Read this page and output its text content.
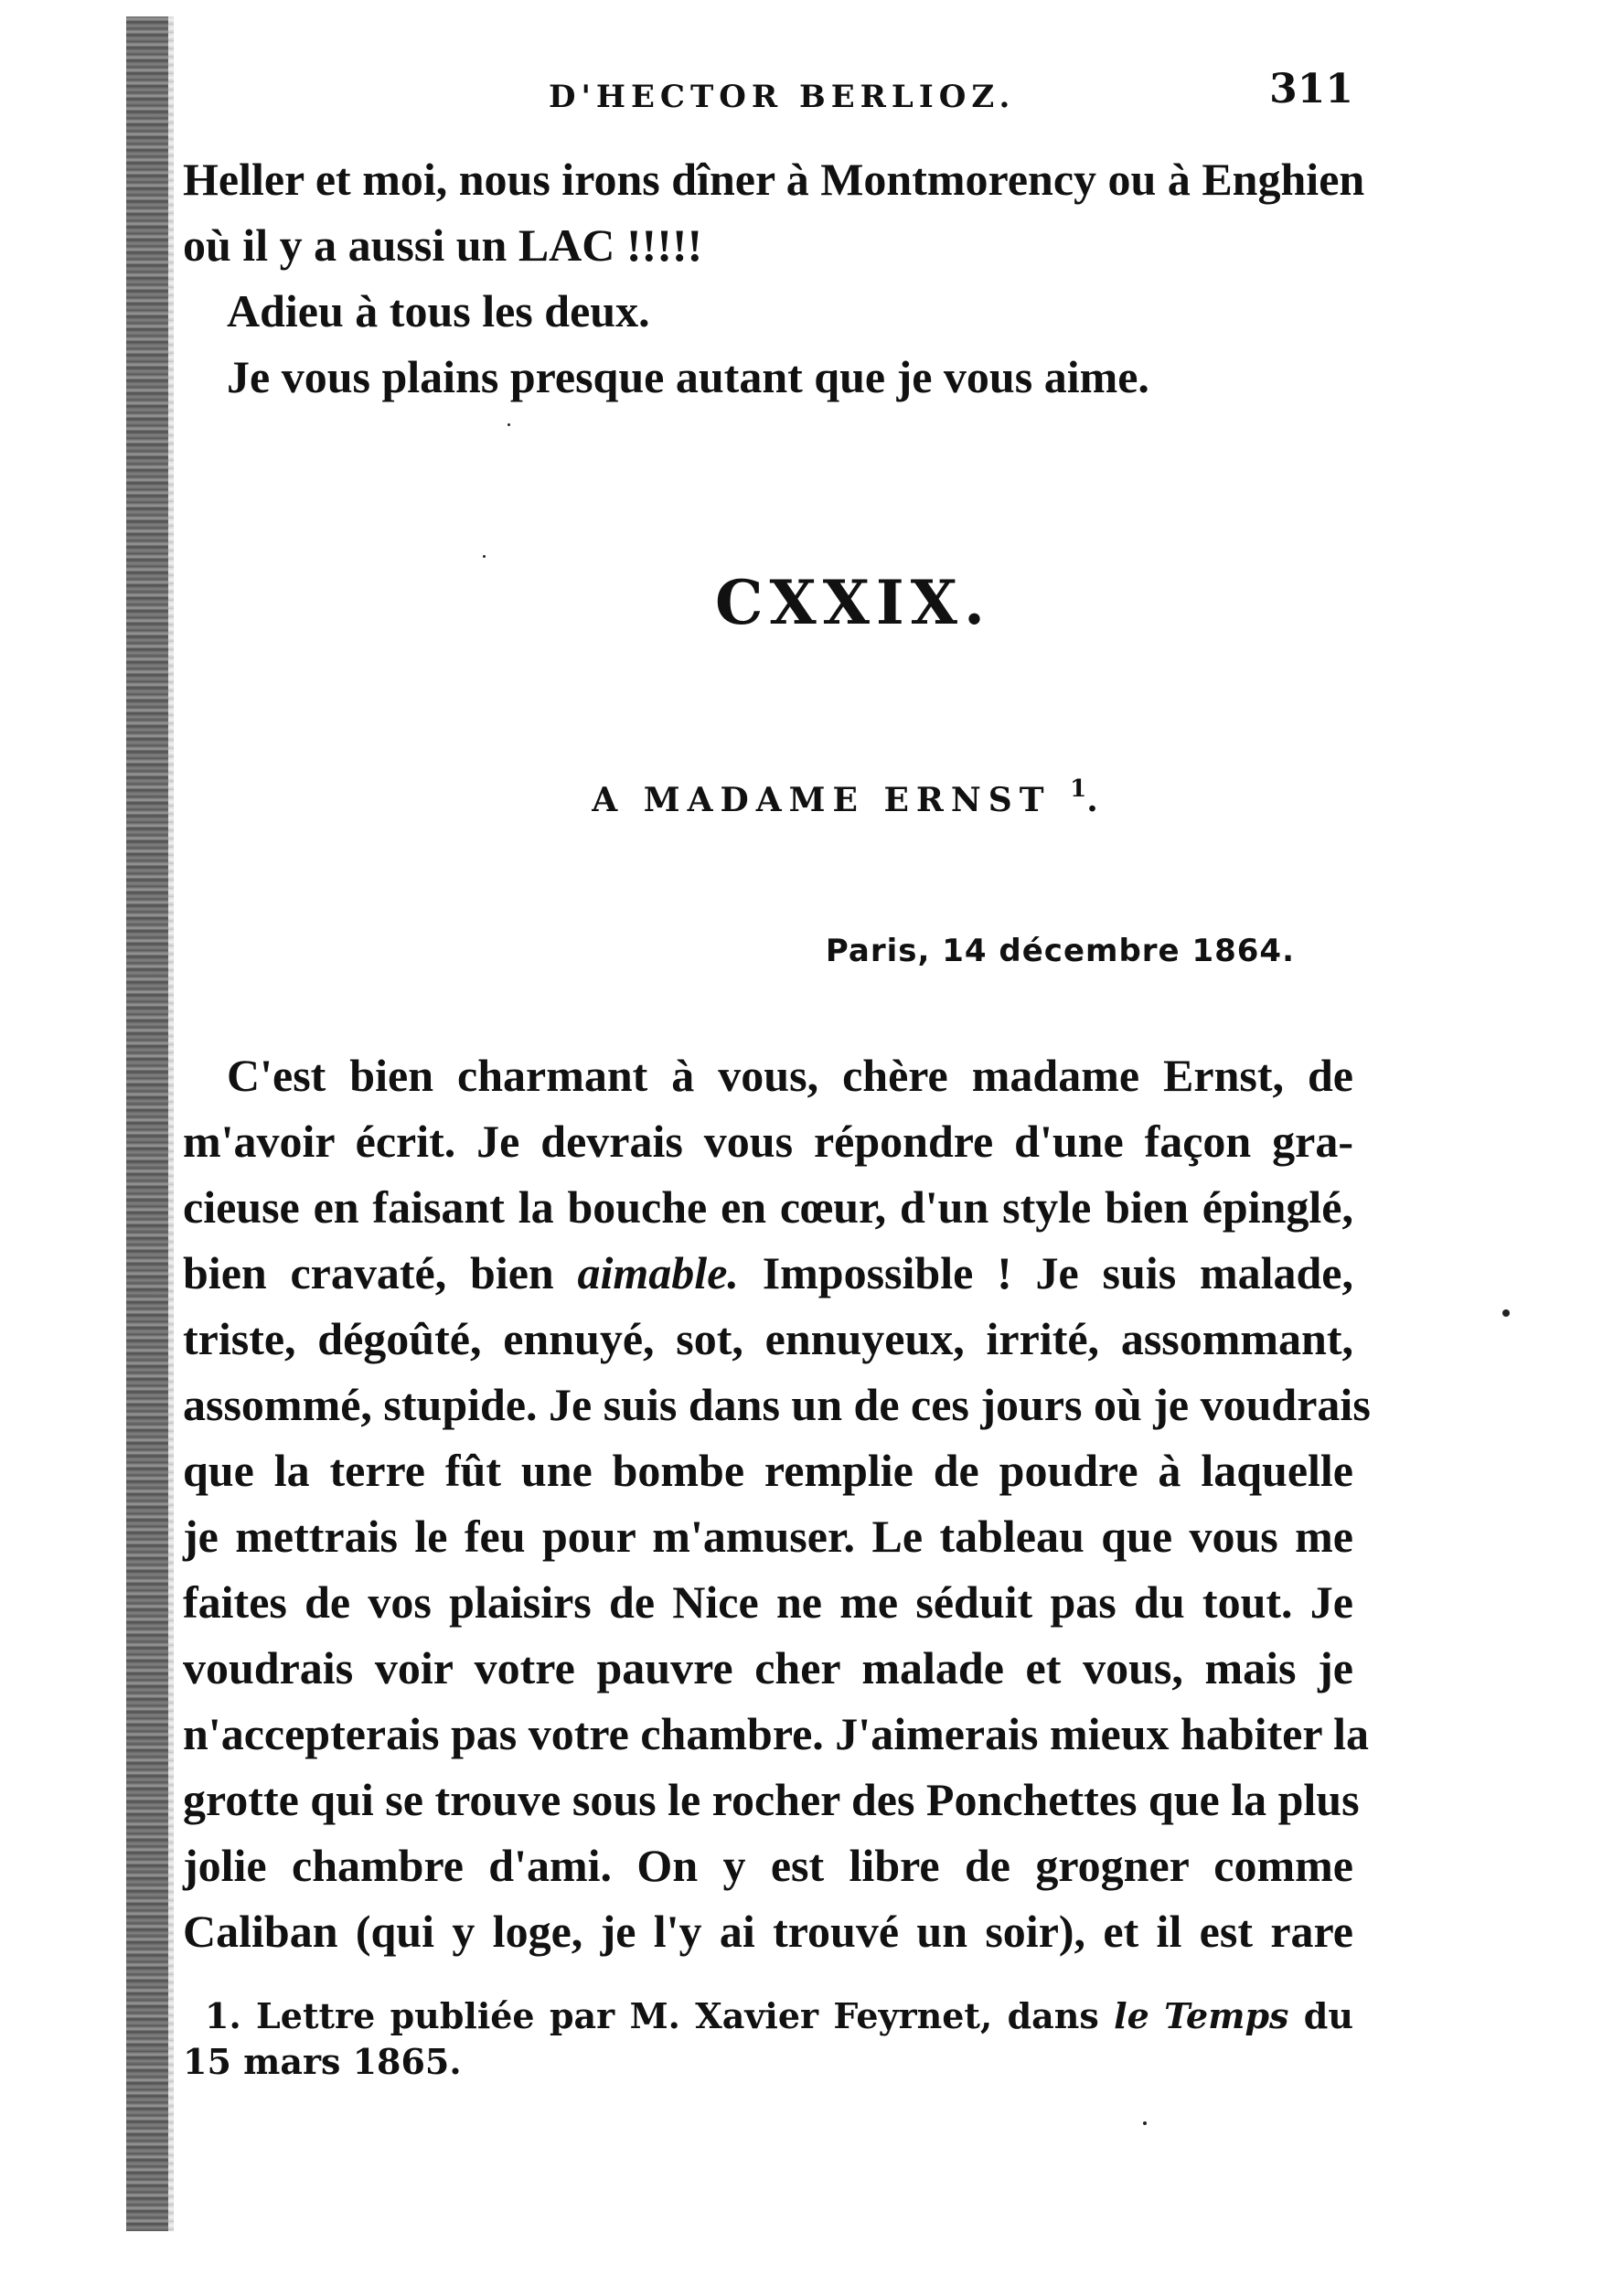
D'HECTOR BERLIOZ.	311
Heller et moi, nous irons dîner à Montmorency ou à Enghien
où il y a aussi un LAC !!!!!
Adieu à tous les deux.
Je vous plains presque autant que je vous aime.
CXXIX.
A MADAME ERNST $^1$.
Paris, 14 décembre 1864.
C'est bien charmant à vous, chère madame Ernst, de
m'avoir écrit. Je devrais vous répondre d'une façon gra-
cieuse en faisant la bouche en cœur, d'un style bien épinglé,
bien cravaté, bien aimable. Impossible ! Je suis malade,
triste, dégoûté, ennuyé, sot, ennuyeux, irrité, assommant,
assommé, stupide. Je suis dans un de ces jours où je voudrais
que la terre fût une bombe remplie de poudre à laquelle
je mettrais le feu pour m'amuser. Le tableau que vous me
faites de vos plaisirs de Nice ne me séduit pas du tout. Je
voudrais voir votre pauvre cher malade et vous, mais je
n'accepterais pas votre chambre. J'aimerais mieux habiter la
grotte qui se trouve sous le rocher des Ponchettes que la plus
jolie chambre d'ami. On y est libre de grogner comme
Caliban (qui y loge, je l'y ai trouvé un soir), et il est rare
1. Lettre publiée par M. Xavier Feyrnet, dans le Temps du
15 mars 1865.
